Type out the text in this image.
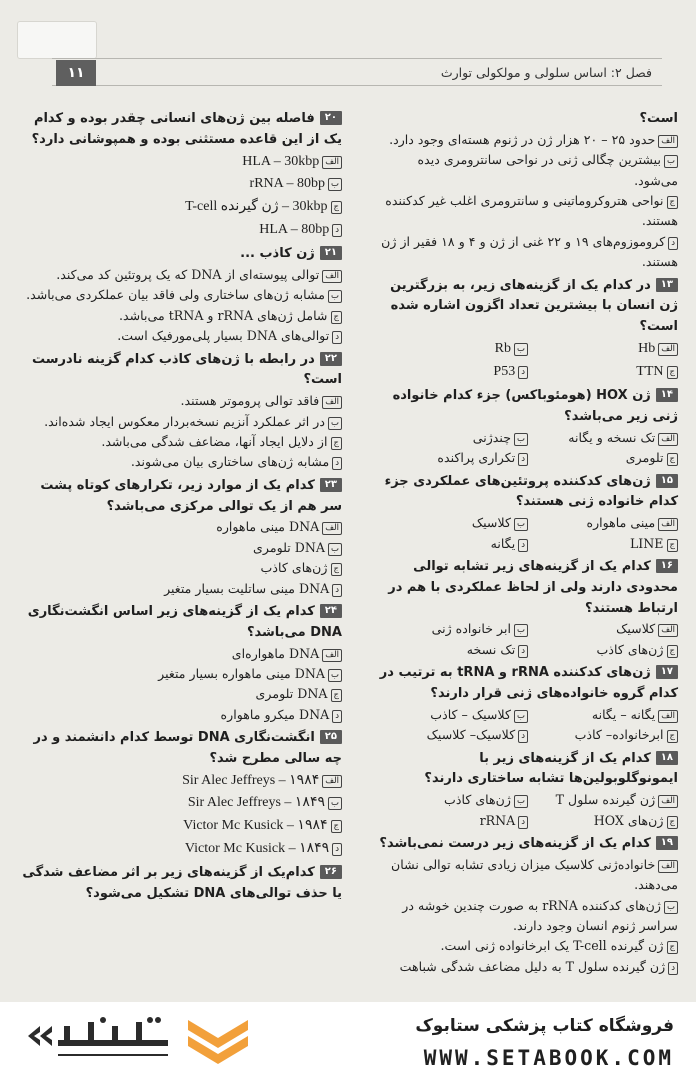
فصل ۲: اساس سلولی و مولکولی توارث
۱۱
است؟
الفحدود ۲۵ – ۲۰ هزار ژن در ژنوم هسته‌ای وجود دارد.
ببیشترین چگالی ژنی در نواحی سانترومری دیده می‌شود.
جنواحی هتروکروماتینی و سانترومری اغلب غیر کدکننده هستند.
دکروموزوم‌های ۱۹ و ۲۲ غنی از ژن و ۴ و ۱۸ فقیر از ژن هستند.
۱۳در کدام یک از گزینه‌های زیر، به بزرگترین ژن انسان با بیشترین تعداد اگزون اشاره شده است؟
الفHb
بRb
جTTN
دP53
۱۴ژن HOX (هومئوباکس) جزء کدام خانواده ژنی زیر می‌باشد؟
الفتک نسخه و یگانه
بچندژنی
جتلومری
دتکراری پراکنده
۱۵ژن‌های کدکننده پروتئین‌های عملکردی جزء کدام خانواده ژنی هستند؟
الفمینی ماهواره
بکلاسیک
جLINE
دیگانه
۱۶کدام یک از گزینه‌های زیر تشابه توالی محدودی دارند ولی از لحاظ عملکردی با هم در ارتباط هستند؟
الفکلاسیک
بابر خانواده ژنی
جژن‌های کاذب
دتک نسخه
۱۷ژن‌های کدکننده rRNA و tRNA به ترتیب در کدام گروه خانواده‌های ژنی قرار دارند؟
الفیگانه – یگانه
بکلاسیک – کاذب
جابرخانواده– کاذب
دکلاسیک– کلاسیک
۱۸کدام یک از گزینه‌های زیر با ایمونوگلوبولین‌ها تشابه ساختاری دارند؟
الفژن گیرنده سلول T
بژن‌های کاذب
جژن‌های HOX
دrRNA
۱۹کدام یک از گزینه‌های زیر درست نمی‌باشد؟
الفخانواده‌ژنی کلاسیک میزان زیادی تشابه توالی نشان می‌دهند.
بژن‌های کدکننده rRNA به صورت چندین خوشه در سراسر ژنوم انسان وجود دارند.
جژن گیرنده T-cell یک ابرخانواده ژنی است.
دژن گیرنده سلول T به دلیل مضاعف شدگی شباهت
۲۰فاصله بین ژن‌های انسانی چقدر بوده و کدام یک از این قاعده مستثنی بوده و همپوشانی دارد؟
الفHLA – 30kbp
بrRNA – 80bp
ج30kbp – ژن گیرنده T-cell
دHLA – 80bp
۲۱ژن کاذب ...
الفتوالی پیوسته‌ای از DNA که یک پروتئین کد می‌کند.
بمشابه ژن‌های ساختاری ولی فاقد بیان عملکردی می‌باشد.
جشامل ژن‌های rRNA و tRNA می‌باشد.
دتوالی‌های DNA بسیار پلی‌مورفیک است.
۲۲در رابطه با ژن‌های کاذب کدام گزینه نادرست است؟
الففاقد توالی پروموتر هستند.
بدر اثر عملکرد آنزیم نسخه‌بردار معکوس ایجاد شده‌اند.
جاز دلایل ایجاد آنها، مضاعف شدگی می‌باشد.
دمشابه ژن‌های ساختاری بیان می‌شوند.
۲۳کدام یک از موارد زیر، تکرارهای کوتاه پشت سر هم از یک توالی مرکزی می‌باشد؟
الفDNA مینی ماهواره
بDNA تلومری
جژن‌های کاذب
دDNA مینی ساتلیت بسیار متغیر
۲۴کدام یک از گزینه‌های زیر اساس انگشت‌نگاری DNA می‌باشد؟
الفDNA ماهواره‌ای
بDNA مینی ماهواره بسیار متغیر
جDNA تلومری
دDNA میکرو ماهواره
۲۵انگشت‌نگاری DNA توسط کدام دانشمند و در چه سالی مطرح شد؟
الف۱۹۸۴ – Sir Alec Jeffreys
ب۱۸۴۹ – Sir Alec Jeffreys
ج۱۹۸۴ – Victor Mc Kusick
د۱۸۴۹ – Victor Mc Kusick
۲۶کدام‌یک از گزینه‌های زیر بر اثر مضاعف شدگی یا حذف توالی‌های DNA تشکیل می‌شود؟
فروشگاه کتاب پزشکی ستابوک
WWW.SETABOOK.COM
